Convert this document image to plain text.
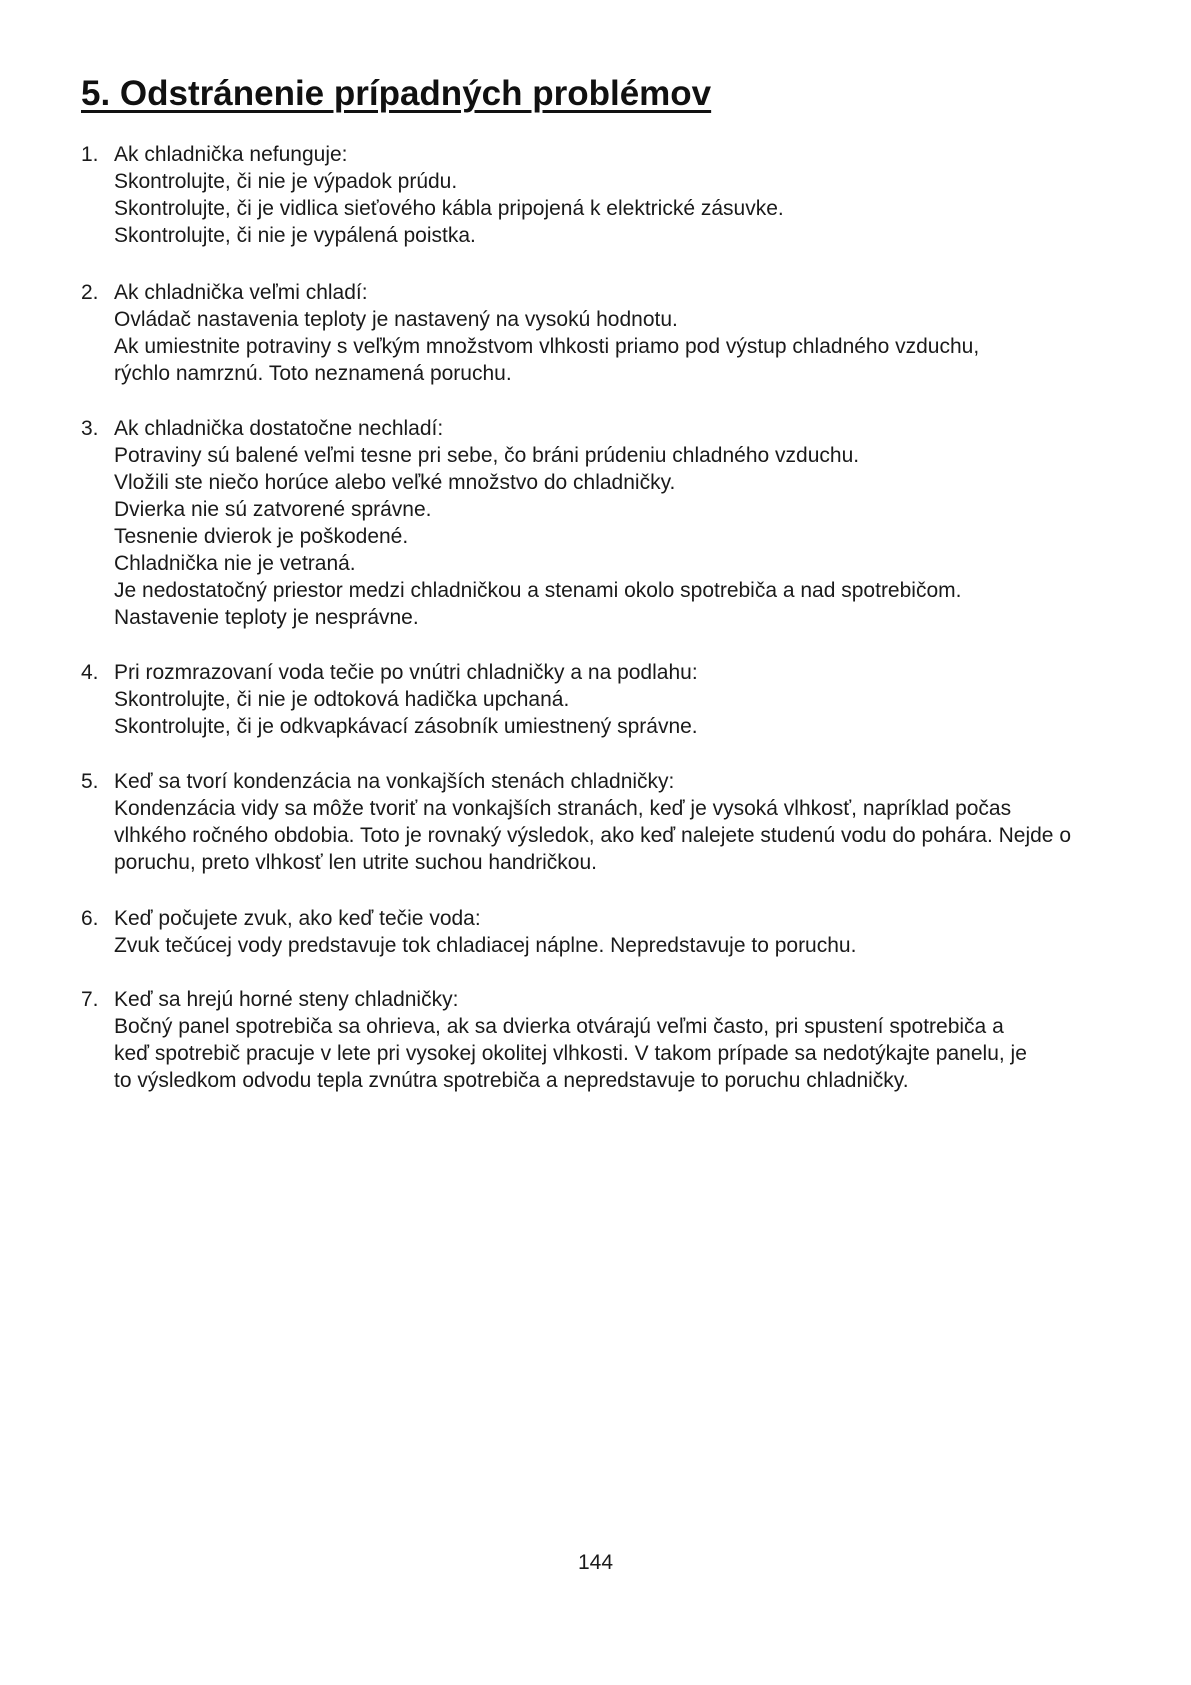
5. Odstránenie prípadných problémov
1. Ak chladnička nefunguje:
Skontrolujte, či nie je výpadok prúdu.
Skontrolujte, či je vidlica sieťového kábla pripojená k elektrické zásuvke.
Skontrolujte, či nie je vypálená poistka.
2. Ak chladnička veľmi chladí:
Ovládač nastavenia teploty je nastavený na vysokú hodnotu.
Ak umiestnite potraviny s veľkým množstvom vlhkosti priamo pod výstup chladného vzduchu,
rýchlo namrznú. Toto neznamená poruchu.
3. Ak chladnička dostatočne nechladí:
Potraviny sú balené veľmi tesne pri sebe, čo bráni prúdeniu chladného vzduchu.
Vložili ste niečo horúce alebo veľké množstvo do chladničky.
Dvierka nie sú zatvorené správne.
Tesnenie dvierok je poškodené.
Chladnička nie je vetraná.
Je nedostatočný priestor medzi chladničkou a stenami okolo spotrebiča a nad spotrebičom.
Nastavenie teploty je nesprávne.
4. Pri rozmrazovaní voda tečie po vnútri chladničky a na podlahu:
Skontrolujte, či nie je odtoková hadička upchaná.
Skontrolujte, či je odkvapkávací zásobník umiestnený správne.
5. Keď sa tvorí kondenzácia na vonkajších stenách chladničky:
Kondenzácia vidy sa môže tvoriť na vonkajších stranách, keď je vysoká vlhkosť, napríklad počas
vlhkého ročného obdobia. Toto je rovnaký výsledok, ako keď nalejete studenú vodu do pohára. Nejde o
poruchu, preto vlhkosť len utrite suchou handričkou.
6. Keď počujete zvuk, ako keď tečie voda:
Zvuk tečúcej vody predstavuje tok chladiacej náplne. Nepredstavuje to poruchu.
7. Keď sa hrejú horné steny chladničky:
Bočný panel spotrebiča sa ohrieva, ak sa dvierka otvárajú veľmi často, pri spustení spotrebiča a
keď spotrebič pracuje v lete pri vysokej okolitej vlhkosti. V takom prípade sa nedotýkajte panelu, je
to výsledkom odvodu tepla zvnútra spotrebiča a nepredstavuje to poruchu chladničky.
144
